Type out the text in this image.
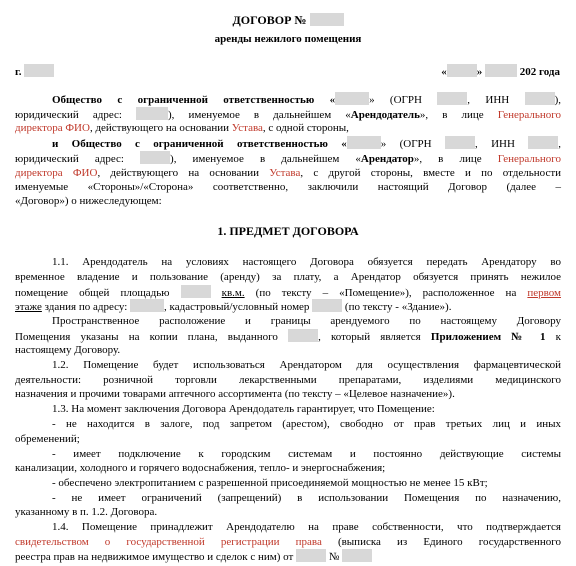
ДОГОВОР №
аренды нежилого помещения
г.	«	»	202 года
Общество с ограниченной ответственностью «	» (ОГРН	, ИНН	),
юридический адрес:	), именуемое в дальнейшем «Арендодатель», в лице Генерального
директора ФИО, действующего на основании Устава, с одной стороны,
и Общество с ограниченной ответственностью «	» (ОГРН	, ИНН	,
юридический адрес:	), именуемое в дальнейшем «Арендатор», в лице Генерального
директора ФИО, действующего на основании Устава, с другой стороны, вместе и по отдельности
именуемые «Стороны»/«Сторона» соответственно, заключили настоящий Договор (далее –
«Договор») о нижеследующем:
1. ПРЕДМЕТ ДОГОВОРА
1.1. Арендодатель на условиях настоящего Договора обязуется передать Арендатору во
временное владение и пользование (аренду) за плату, а Арендатор обязуется принять нежилое
помещение общей площадью	кв.м. (по тексту – «Помещение»), расположенное на первом
этаже здания по адресу:	, кадастровый/условный номер	(по тексту - «Здание»).
Пространственное расположение и границы арендуемого по настоящему Договору
Помещения указаны на копии плана, выданного	, который является Приложением № 1 к
настоящему Договору.
1.2. Помещение будет использоваться Арендатором для осуществления фармацевтической
деятельности: розничной торговли лекарственными препаратами, изделиями медицинского
назначения и прочими товарами аптечного ассортимента (по тексту – «Целевое назначение»).
1.3. На момент заключения Договора Арендодатель гарантирует, что Помещение:
- не находится в залоге, под запретом (арестом), свободно от прав третьих лиц и иных
обременений;
- имеет подключение к городским системам и постоянно действующие системы
канализации, холодного и горячего водоснабжения, тепло- и энергоснабжения;
- обеспечено электропитанием с разрешенной присоединяемой мощностью не менее 15 кВт;
- не имеет ограничений (запрещений) в использовании Помещения по назначению,
указанному в п. 1.2. Договора.
1.4. Помещение принадлежит Арендодателю на праве собственности, что подтверждается
свидетельством о государственной регистрации права (выписка из Единого государственного
реестра прав на недвижимое имущество и сделок с ним) от	№
